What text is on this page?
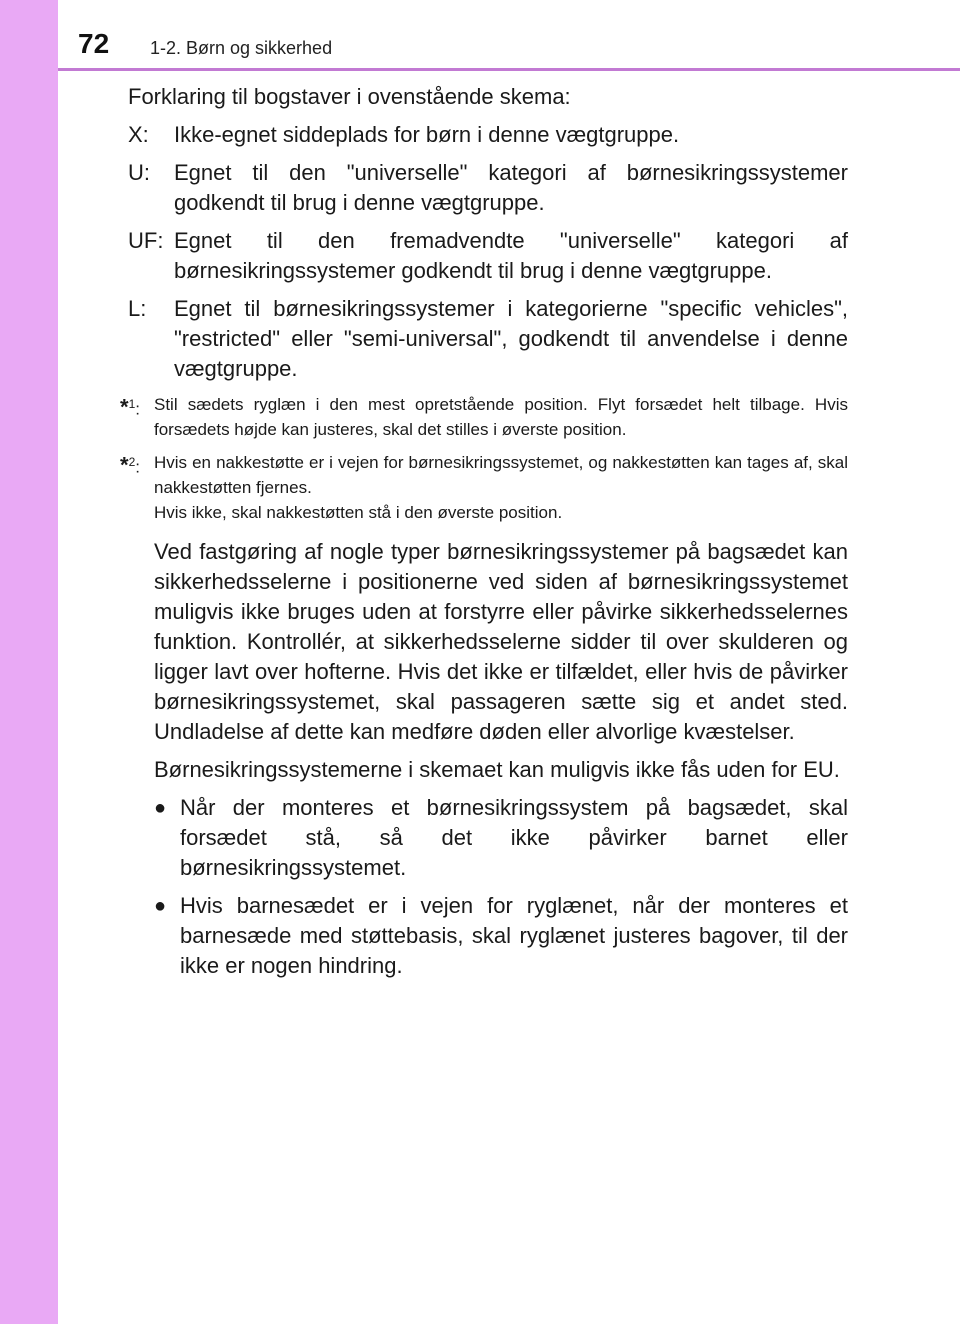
72 1-2. Børn og sikkerhed

Forklaring til bogstaver i ovenstående skema:

X:	Ikke-egnet siddeplads for børn i denne vægtgruppe.
U:	Egnet til den "universelle" kategori af børnesikringssystemer godkendt til brug i denne vægtgruppe.
UF: Egnet til den fremadvendte "universelle" kategori af børnesikringssystemer godkendt til brug i denne vægtgruppe.
L:	Egnet til børnesikringssystemer i kategorierne "specific vehicles", "restricted" eller "semi-universal", godkendt til anvendelse i denne vægtgruppe.
*$^1$: Stil sædets ryglæn i den mest opretstående position. Flyt forsædet helt tilbage. Hvis forsædets højde kan justeres, skal det stilles i øverste position.

*$^2$: Hvis en nakkestøtte er i vejen for børnesikringssystemet, og nakkestøtten kan tages af, skal nakkestøtten fjernes.

Hvis ikke, skal nakkestøtten stå i den øverste position.

Ved fastgøring af nogle typer børnesikringssystemer på bagsædet kan sikkerhedsselerne i positionerne ved siden af børnesikringssystemet muligvis ikke bruges uden at forstyrre eller påvirke sikkerhedsselernes funktion. Kontrollér, at sikkerhedsselerne sidder til over skulderen og ligger lavt over hofterne. Hvis det ikke er tilfældet, eller hvis de påvirker børnesikringssystemet, skal passageren sætte sig et andet sted. Undladelse af dette kan medføre døden eller alvorlige kvæstelser.

Børnesikringssystemerne i skemaet kan muligvis ikke fås uden for EU.

● Når der monteres et børnesikringssystem på bagsædet, skal forsædet stå, så det ikke påvirker barnet eller børnesikringssystemet.
● Hvis barnesædet er i vejen for ryglænet, når der monteres et barnesæde med støttebasis, skal ryglænet justeres bagover, til der ikke er nogen hindring.
